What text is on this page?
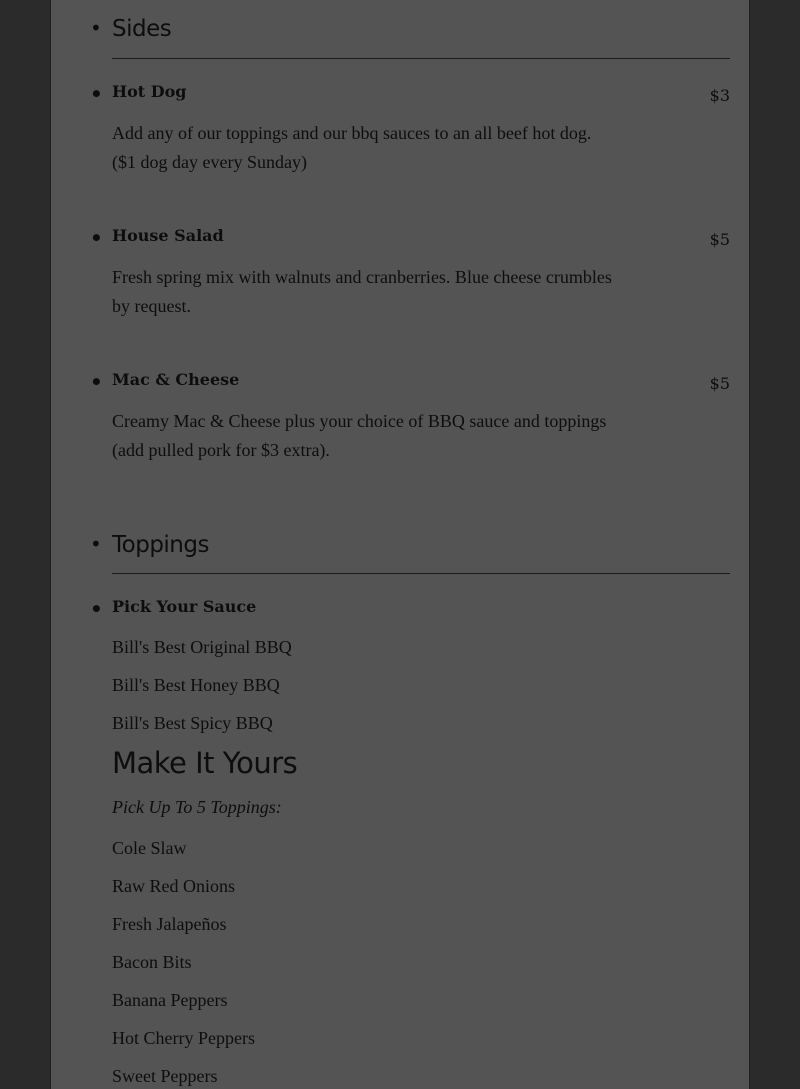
• Sides
• Hot Dog	$3
Add any of our toppings and our bbq sauces to an all beef hot dog. ($1 dog day every Sunday)
• House Salad	$5
Fresh spring mix with walnuts and cranberries. Blue cheese crumbles by request.
• Mac & Cheese	$5
Creamy Mac & Cheese plus your choice of BBQ sauce and toppings (add pulled pork for $3 extra).
• Toppings
• Pick Your Sauce
Bill's Best Original BBQ
Bill's Best Honey BBQ
Bill's Best Spicy BBQ
Make It Yours
Pick Up To 5 Toppings:
Cole Slaw
Raw Red Onions
Fresh Jalapeños
Bacon Bits
Banana Peppers
Hot Cherry Peppers
Sweet Peppers
